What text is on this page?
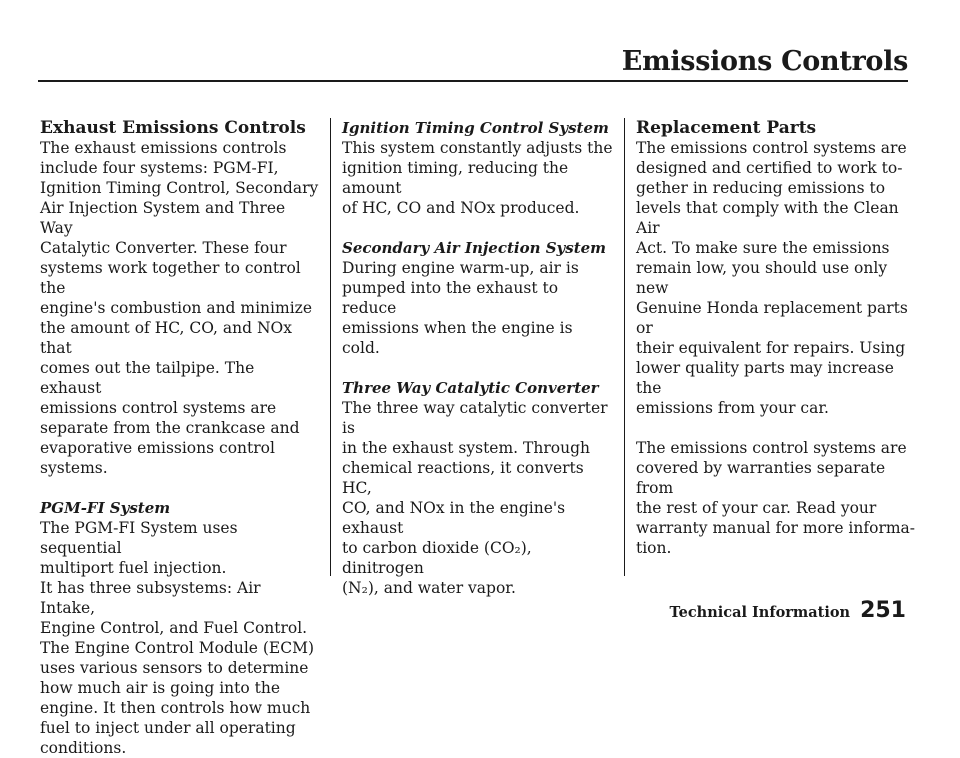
Emissions Controls
Exhaust Emissions Controls

The exhaust emissions controls
include four systems: PGM-FI,
Ignition Timing Control, Secondary
Air Injection System and Three Way
Catalytic Converter. These four
systems work together to control the
engine's combustion and minimize
the amount of HC, CO, and NOx that
comes out the tailpipe. The exhaust
emissions control systems are
separate from the crankcase and
evaporative emissions control
systems.

PGM-FI System

The PGM-FI System uses sequential
multiport fuel injection.

It has three subsystems: Air Intake,
Engine Control, and Fuel Control.
The Engine Control Module (ECM)
uses various sensors to determine
how much air is going into the
engine. It then controls how much
fuel to inject under all operating
conditions.

Ignition Timing Control System

This system constantly adjusts the
ignition timing, reducing the amount
of HC, CO and NOx produced.

Secondary Air Injection System

During engine warm-up, air is
pumped into the exhaust to reduce
emissions when the engine is cold.

Three Way Catalytic Converter

The three way catalytic converter is
in the exhaust system. Through
chemical reactions, it converts HC,
CO, and NOx in the engine's exhaust
to carbon dioxide (CO₂), dinitrogen
(N₂), and water vapor.

Replacement Parts

The emissions control systems are
designed and certified to work to-
gether in reducing emissions to
levels that comply with the Clean Air
Act. To make sure the emissions
remain low, you should use only new
Genuine Honda replacement parts or
their equivalent for repairs. Using
lower quality parts may increase the
emissions from your car.

The emissions control systems are
covered by warranties separate from
the rest of your car. Read your
warranty manual for more informa-
tion.

Technical Information 251
